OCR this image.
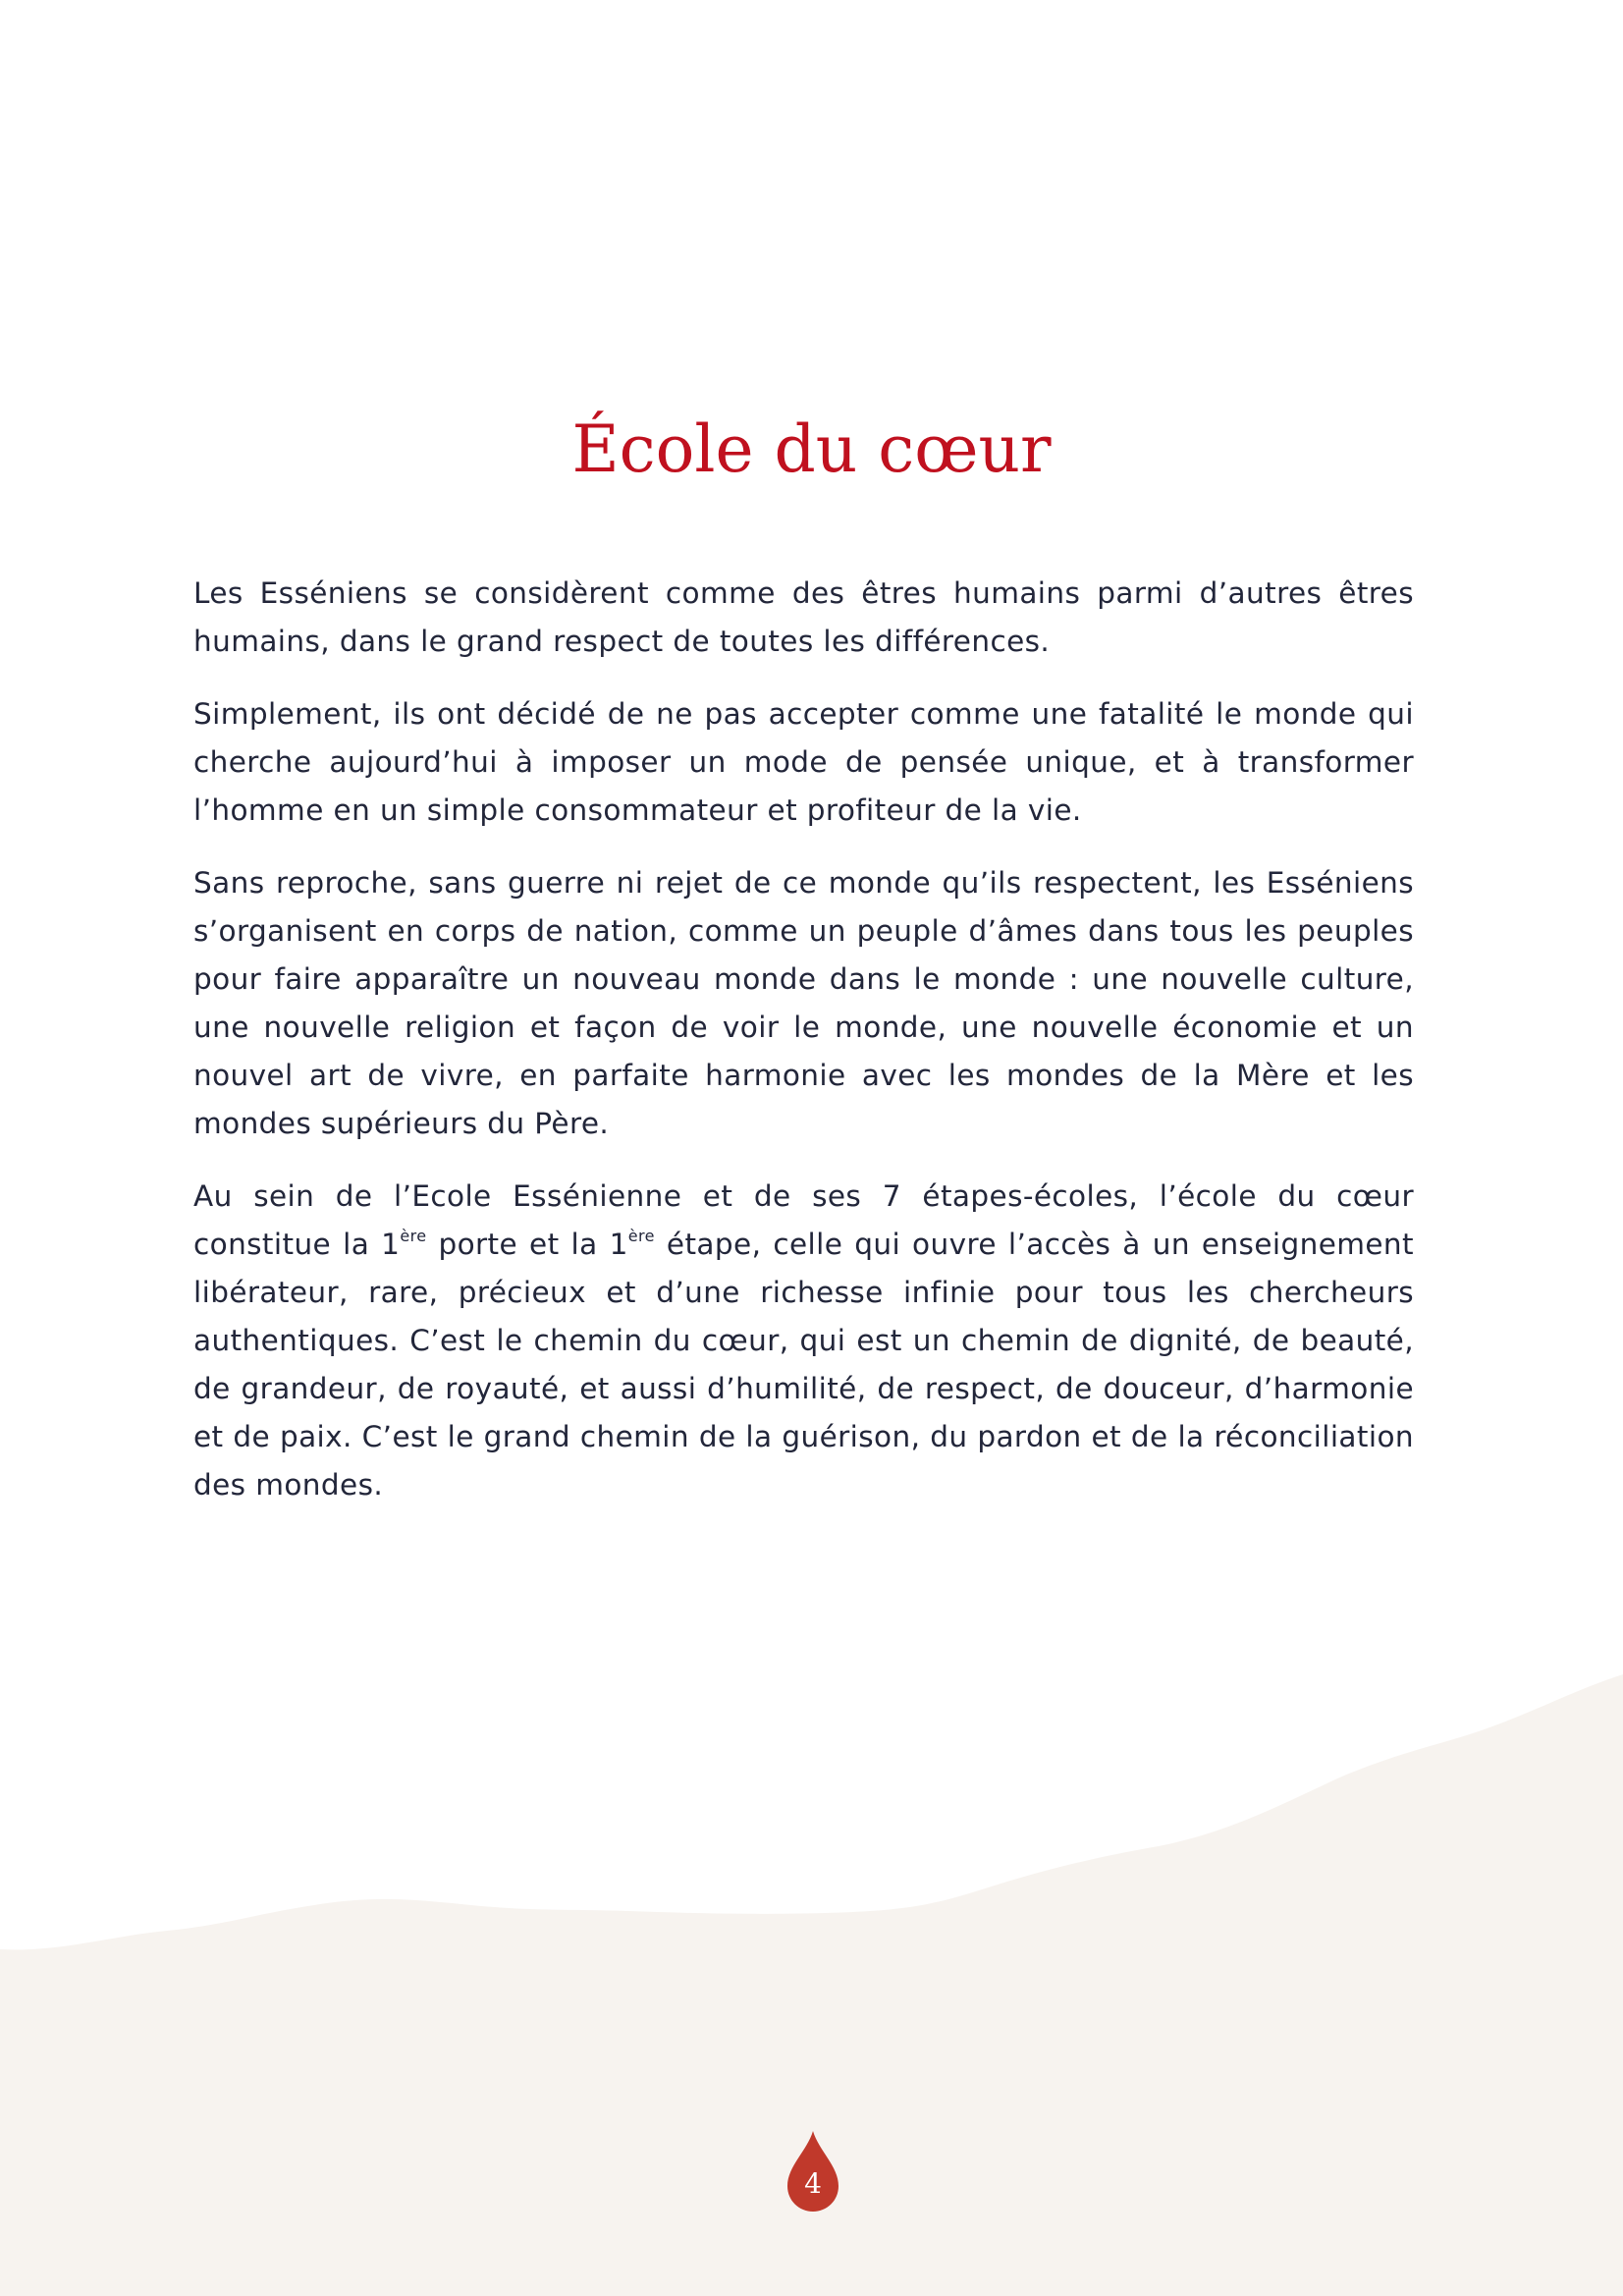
École du cœur

Les Esséniens se considèrent comme des êtres humains parmi d’autres êtres humains, dans le grand respect de toutes les différences.

Simplement, ils ont décidé de ne pas accepter comme une fatalité le monde qui cherche aujourd’hui à imposer un mode de pensée unique, et à transformer l’homme en un simple consommateur et profiteur de la vie.

Sans reproche, sans guerre ni rejet de ce monde qu’ils respectent, les Esséniens s’organisent en corps de nation, comme un peuple d’âmes dans tous les peuples pour faire apparaître un nouveau monde dans le monde : une nouvelle culture, une nouvelle religion et façon de voir le monde, une nouvelle économie et un nouvel art de vivre, en parfaite harmonie avec les mondes de la Mère et les mondes supérieurs du Père.

Au sein de l’Ecole Essénienne et de ses 7 étapes-écoles, l’école du cœur constitue la 1ère porte et la 1ère étape, celle qui ouvre l’accès à un enseignement libérateur, rare, précieux et d’une richesse infinie pour tous les chercheurs authentiques. C’est le chemin du cœur, qui est un chemin de dignité, de beauté, de grandeur, de royauté, et aussi d’humilité, de respect, de douceur, d’harmonie et de paix. C’est le grand chemin de la guérison, du pardon et de la réconciliation des mondes.

4
